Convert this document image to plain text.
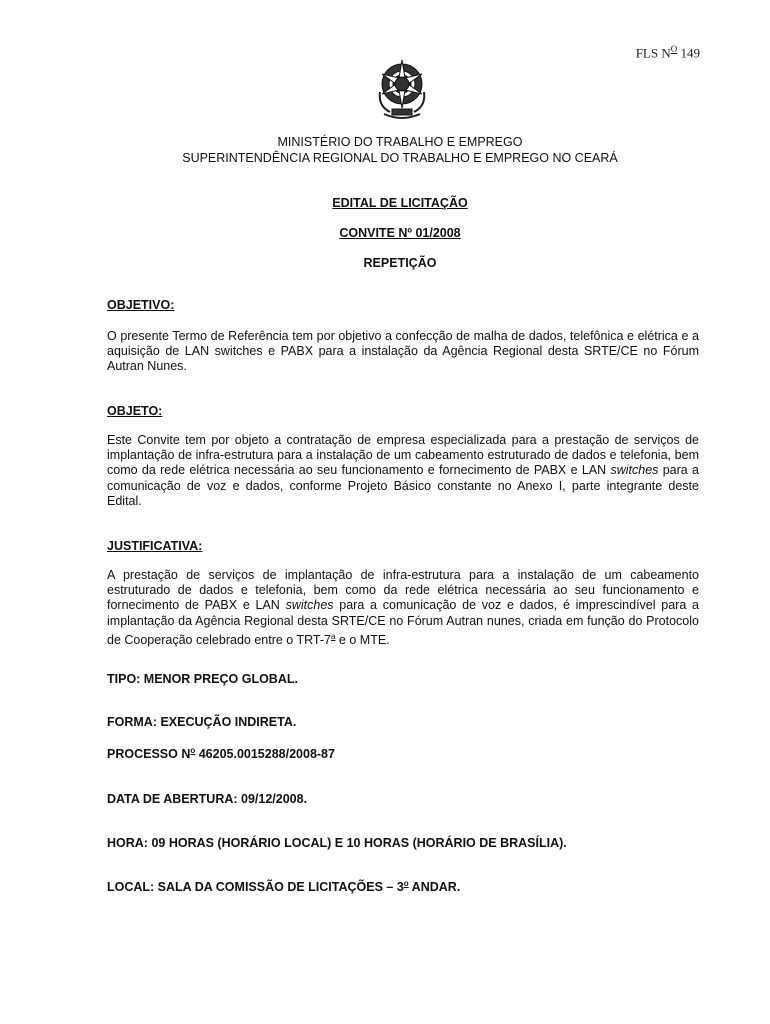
FLS $N^O$ 149
MINISTÉRIO DO TRABALHO E EMPREGO
SUPERINTENDÊNCIA REGIONAL DO TRABALHO E EMPREGO NO CEARÁ
EDITAL DE LICITAÇÃO
CONVITE Nº 01/2008
REPETIÇÃO
OBJETIVO:
O presente Termo de Referência tem por objetivo a confecção de malha de dados, telefônica e elétrica e a aquisição de LAN switches e PABX para a instalação da Agência Regional desta SRTE/CE no Fórum Autran Nunes.
OBJETO:
Este Convite tem por objeto a contratação de empresa especializada para a prestação de serviços de implantação de infra-estrutura para a instalação de um cabeamento estruturado de dados e telefonia, bem como da rede elétrica necessária ao seu funcionamento e fornecimento de PABX e LAN switches para a comunicação de voz e dados, conforme Projeto Básico constante no Anexo I, parte integrante deste Edital.
JUSTIFICATIVA:
A prestação de serviços de implantação de infra-estrutura para a instalação de um cabeamento estruturado de dados e telefonia, bem como da rede elétrica necessária ao seu funcionamento e fornecimento de PABX e LAN switches para a comunicação de voz e dados, é imprescindível para a implantação da Agência Regional desta SRTE/CE no Fórum Autran nunes, criada em função do Protocolo de Cooperação celebrado entre o TRT-7$^a$ e o MTE.
TIPO: MENOR PREÇO GLOBAL.
FORMA: EXECUÇÃO INDIRETA.
PROCESSO $N^o$ 46205.0015288/2008-87
DATA DE ABERTURA: 09/12/2008.
HORA: 09 HORAS (HORÁRIO LOCAL) E 10 HORAS (HORÁRIO DE BRASÍLIA).
LOCAL: SALA DA COMISSÃO DE LICITAÇÕES – 3$^o$ ANDAR.
